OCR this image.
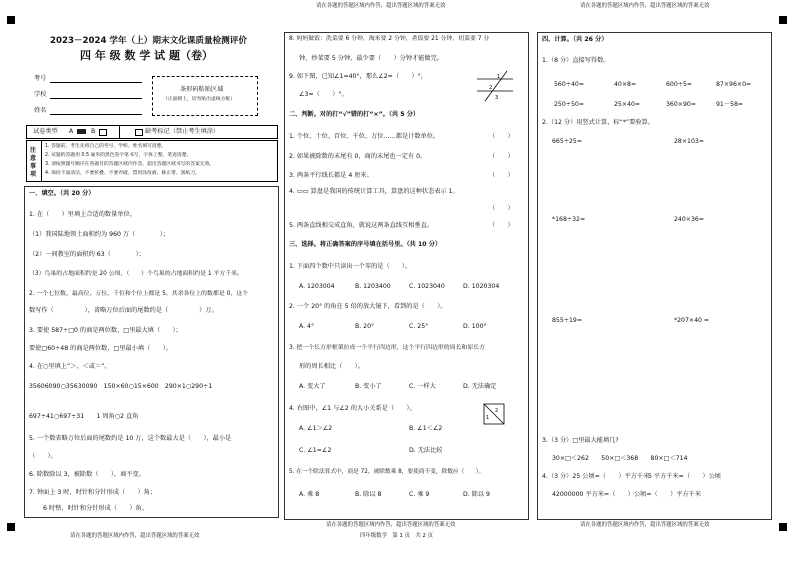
请在各题的答题区域内作答，超出答题区域的答案无效	请在各题的答题区域内作答，超出答题区域的答案无效
2023－2024 学年（上）期末文化课质量检测评价
四 年 级 数 学 试 题（卷）
考号
学校
姓名
条形码粘贴区域
（正面朝上，切勿贴出虚线方框）
试卷类型 A	B	缺考标记（禁止考生填涂）
注意事项
1. 答题前，考生先将自己的考号、学校、姓名填写清楚。
2. 试题的答题用 0.5 毫米的黑色签字笔书写，字体工整，笔迹清楚。
3. 请按照题号顺序在各题目的答题区域内作答，超出答题区域书写的答案无效。
4. 保持卡面清洁，不要折叠、不要弄破，禁用涂改液、修正带、刮纸刀。
一、填空。（共 20 分）
1. 在（　　）里填上合适的数量单位。
（1）我国陆地领土面积约为 960 万（　　　　）；
（2）一间教室的面积约 63（　　　　）；
（3）鸟巢的占地面积约是 20 公顷，（　　）个鸟巢的占地面积约是 1 平方千米。
2. 一个七位数，最高位、万位、千位和个位上都是 5，其余各位上的数都是 0，这个
数写作（　　　　　），省略万位后面的尾数约是（　　　　　）万。
3. 要使 587÷□0 的商是两位数，□里最大填（　　）；
要使□60÷48 的商是两位数，□里最小填（　　）。
4. 在○里填上“＞、＜或＝”。
35606090○35630090　150×60○15×600　290×1○290÷1
697÷41○697÷31　　1 周角○2 直角
5. 一个数省略万位后面的尾数约是 10 万，这个数最大是（　　），最小是
（　　）。
6. 除数除以 3，被除数（　　），商不变。
7. 钟面上 3 时，时针和分针形成（　　）角；
6 时整，时针和分针形成（　　）角。
请在各题的答题区域内作答，超出答题区域的答案无效
8. 妈妈做饭：洗菜要 6 分钟，淘米要 2 分钟，煮饭要 21 分钟，切菜要 7 分
钟，炒菜要 5 分钟，最少要（　　）分钟才能做完。
9. 如下图，已知∠1=40°，那么∠2=（　　）°，
∠3=（　　）°。
1
2
3
二、判断。对的打“√”错的打“×”。（共 5 分）
1. 个位、十位、百位、千位、万位……都是计数单位。	（　　）
2. 如果被除数的末尾有 0，商的末尾也一定有 0。	（　　）
3. 两条平行线长都是 4 厘米。	（　　）
4. ▭▭ 算盘是我国的传统计算工具，算盘的这种状态表示 1。
（　　）
5. 两条直线相交成直角，就说这两条直线互相垂直。	（　　）
三、选择。将正确答案的序号填在括号里。（共 10 分）
1. 下面四个数中只读出一个零的是（　　）。
A. 1203004	B. 1203400	C. 1023040	D. 1020304
2. 一个 20° 的角在 5 倍的放大镜下，看到的是（　　）。
A. 4°	B. 20°	C. 25°	D. 100°
3. 把一个长方形框架拉成一个平行四边形，这个平行四边形的周长和原长方
形的周长相比（　　）。
A. 变大了	B. 变小了	C. 一样大	D. 无法确定
4. 右图中，∠1 与∠2 的大小关系是（　　）。
1
2
A. ∠1＞∠2	B. ∠1＜∠2
C. ∠1=∠2	D. 无法比较
5. 在一个除法算式中，商是 72，被除数乘 8，要使商不变，除数应（　　）。
A. 乘 8	B. 除以 8	C. 乘 9	D. 除以 9
请在各题的答题区域内作答，超出答题区域的答案无效
四年级数学　第 1 页　共 2 页
四、计算。（共 26 分）
1.（8 分）直接写得数。
560÷40=	40×8=	600÷5=	87×96×0=
250÷50=	25×40=	360×90=	91－58=
2.（12 分）用竖式计算，标“*”要验算。
665÷25=	28×103=
*168÷32=	240×36=
855÷19=	*207×40 =
3.（3 分）□里最大能填几?
30×□＜262　　50×□＜368　　80×□＜714
4.（3 分）25 公顷=（　　）平方千米
5 平方千米=（　　）公顷
42000000 平方米=（　　）公顷=（　　）平方千米
请在各题的答题区域内作答，超出答题区域的答案无效
